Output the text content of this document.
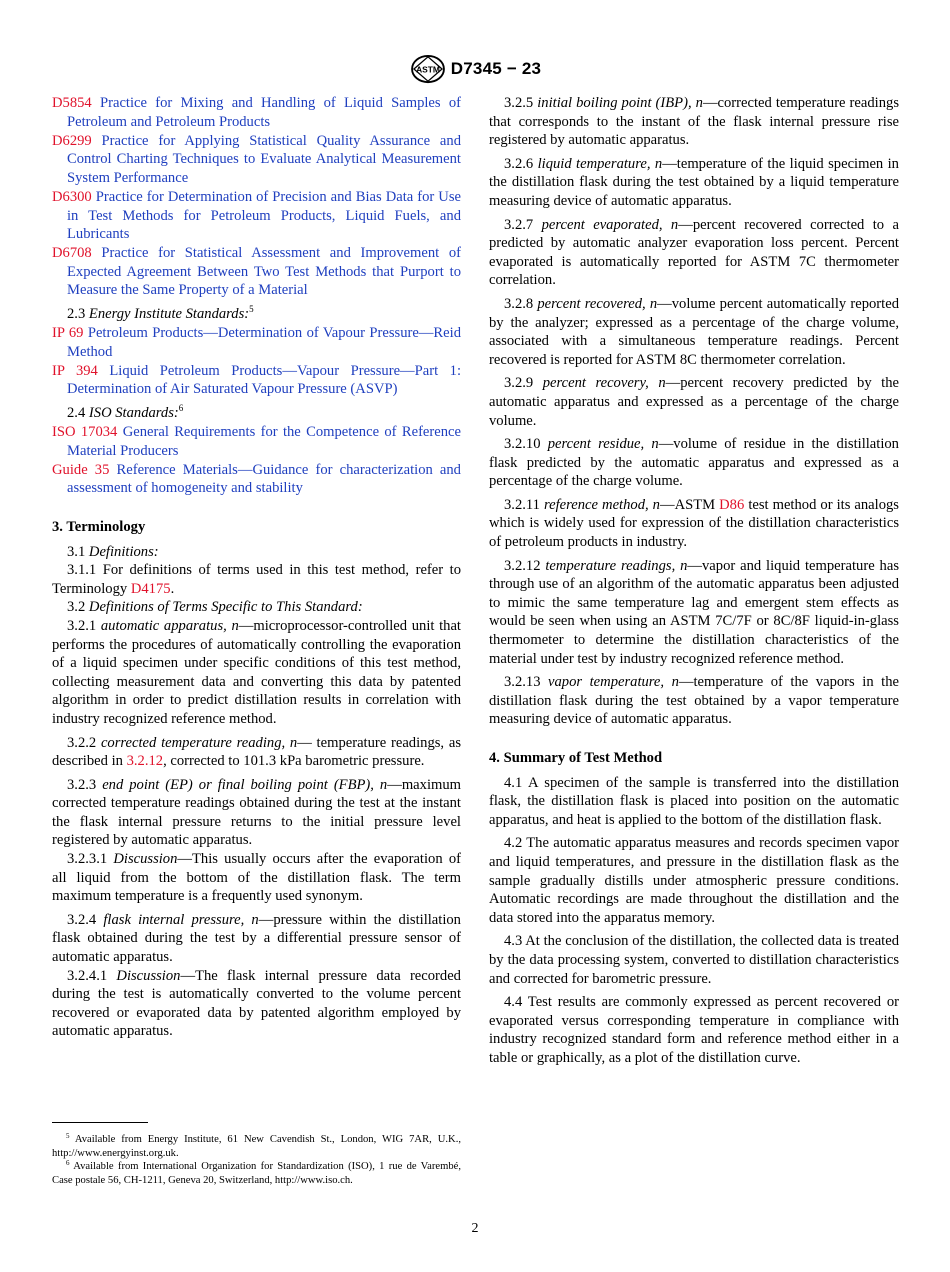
ASTM D7345 − 23

D5854 Practice for Mixing and Handling of Liquid Samples of Petroleum and Petroleum Products

D6299 Practice for Applying Statistical Quality Assurance and Control Charting Techniques to Evaluate Analytical Measurement System Performance

D6300 Practice for Determination of Precision and Bias Data for Use in Test Methods for Petroleum Products, Liquid Fuels, and Lubricants

D6708 Practice for Statistical Assessment and Improvement of Expected Agreement Between Two Test Methods that Purport to Measure the Same Property of a Material

2.3 Energy Institute Standards:$^5$

IP 69 Petroleum Products—Determination of Vapour Pressure—Reid Method

IP 394 Liquid Petroleum Products—Vapour Pressure—Part 1: Determination of Air Saturated Vapour Pressure (ASVP)

2.4 ISO Standards:$^6$

ISO 17034 General Requirements for the Competence of Reference Material Producers

Guide 35 Reference Materials—Guidance for characterization and assessment of homogeneity and stability

3. Terminology

3.1 Definitions:

3.1.1 For definitions of terms used in this test method, refer to Terminology D4175.

3.2 Definitions of Terms Specific to This Standard:

3.2.1 automatic apparatus, n—microprocessor-controlled unit that performs the procedures of automatically controlling the evaporation of a liquid specimen under specific conditions of this test method, collecting measurement data and converting this data by patented algorithm in order to predict distillation results in correlation with industry recognized reference method.

3.2.2 corrected temperature reading, n— temperature readings, as described in 3.2.12, corrected to 101.3 kPa barometric pressure.

3.2.3 end point (EP) or final boiling point (FBP), n—maximum corrected temperature readings obtained during the test at the instant the flask internal pressure returns to the initial pressure level registered by automatic apparatus.

3.2.3.1 Discussion—This usually occurs after the evaporation of all liquid from the bottom of the distillation flask. The term maximum temperature is a frequently used synonym.

3.2.4 flask internal pressure, n—pressure within the distillation flask obtained during the test by a differential pressure sensor of automatic apparatus.

3.2.4.1 Discussion—The flask internal pressure data recorded during the test is automatically converted to the volume percent recovered or evaporated data by patented algorithm employed by automatic apparatus.

3.2.5 initial boiling point (IBP), n—corrected temperature readings that corresponds to the instant of the flask internal pressure rise registered by automatic apparatus.

3.2.6 liquid temperature, n—temperature of the liquid specimen in the distillation flask during the test obtained by a liquid temperature measuring device of automatic apparatus.

3.2.7 percent evaporated, n—percent recovered corrected to a predicted by automatic analyzer evaporation loss percent. Percent evaporated is automatically reported for ASTM 7C thermometer correlation.

3.2.8 percent recovered, n—volume percent automatically reported by the analyzer; expressed as a percentage of the charge volume, associated with a simultaneous temperature readings. Percent recovered is reported for ASTM 8C thermometer correlation.

3.2.9 percent recovery, n—percent recovery predicted by the automatic apparatus and expressed as a percentage of the charge volume.

3.2.10 percent residue, n—volume of residue in the distillation flask predicted by the automatic apparatus and expressed as a percentage of the charge volume.

3.2.11 reference method, n—ASTM D86 test method or its analogs which is widely used for expression of the distillation characteristics of petroleum products in industry.

3.2.12 temperature readings, n—vapor and liquid temperature has through use of an algorithm of the automatic apparatus been adjusted to mimic the same temperature lag and emergent stem effects as would be seen when using an ASTM 7C/7F or 8C/8F liquid-in-glass thermometer to determine the distillation characteristics of the material under test by industry recognized reference method.

3.2.13 vapor temperature, n—temperature of the vapors in the distillation flask during the test obtained by a vapor temperature measuring device of automatic apparatus.

4. Summary of Test Method

4.1 A specimen of the sample is transferred into the distillation flask, the distillation flask is placed into position on the automatic apparatus, and heat is applied to the bottom of the distillation flask.

4.2 The automatic apparatus measures and records specimen vapor and liquid temperatures, and pressure in the distillation flask as the sample gradually distills under atmospheric pressure conditions. Automatic recordings are made throughout the distillation and the data stored into the apparatus memory.

4.3 At the conclusion of the distillation, the collected data is treated by the data processing system, converted to distillation characteristics and corrected for barometric pressure.

4.4 Test results are commonly expressed as percent recovered or evaporated versus corresponding temperature in compliance with industry recognized standard form and reference method either in a table or graphically, as a plot of the distillation curve.

$^5$ Available from Energy Institute, 61 New Cavendish St., London, WIG 7AR, U.K., http://www.energyinst.org.uk.

$^6$ Available from International Organization for Standardization (ISO), 1 rue de Varembé, Case postale 56, CH-1211, Geneva 20, Switzerland, http://www.iso.ch.

2
